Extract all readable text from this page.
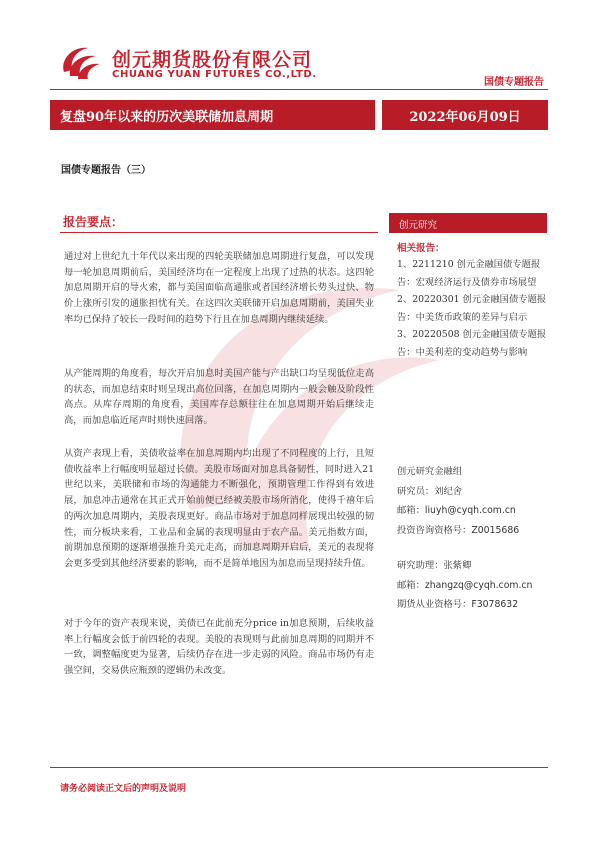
创元期货股份有限公司
CHUANG YUAN FUTURES CO.,LTD.
国债专题报告
复盘90年以来的历次美联储加息周期	2022年06月09日
国债专题报告（三）
报告要点：

通过对上世纪九十年代以来出现的四轮美联储加息周期进行复盘，可以发现每一轮加息周期前后，美国经济均在一定程度上出现了过热的状态。这四轮加息周期开启的导火索，都与美国面临高通胀或者国经济增长势头过快、物价上涨所引发的通胀担忧有关。在这四次美联储开启加息周期前，美国失业率均已保持了较长一段时间的趋势下行且在加息周期内继续延续。

从产能周期的角度看，每次开启加息时美国产能与产出缺口均呈现低位走高的状态，而加息结束时则呈现出高位回落，在加息周期内一般会触及阶段性高点。从库存周期的角度看，美国库存总额往往在加息周期开始后继续走高，而加息临近尾声时则快速回落。

从资产表现上看，美债收益率在加息周期内均出现了不同程度的上行，且短债收益率上行幅度明显超过长债。美股市场面对加息具备韧性，同时进入21世纪以来，美联储和市场的沟通能力不断强化，预期管理工作得到有效进展，加息冲击通常在其正式开始前便已经被美股市场所消化，使得千禧年后的两次加息周期内，美股表现更好。商品市场对于加息同样展现出较强的韧性，而分板块来看，工业品和金属的表现明显由于农产品。美元指数方面，前期加息预期的逐渐增强推升美元走高，而加息周期开启后，美元的表现将会更多受到其他经济要素的影响，而不是简单地因为加息而呈现持续升值。

对于今年的资产表现来说，美债已在此前充分price in加息预期，后续收益率上行幅度会低于前四轮的表现。美股的表现则与此前加息周期的同期并不一致，调整幅度更为显著，后续仍存在进一步走弱的风险。商品市场仍有走强空间，交易供应瓶颈的逻辑仍未改变。

创元研究
相关报告：
1、2211210 创元金融国债专题报告：宏观经济运行及债券市场展望
2、20220301 创元金融国债专题报告：中美货币政策的差异与启示
3、20220508 创元金融国债专题报告：中美利差的变动趋势与影响
创元研究金融组
研究员：刘纪舍
邮箱：liuyh@cyqh.com.cn
投资咨询资格号：Z0015686
研究助理：张紫卿
邮箱：zhangzq@cyqh.com.cn
期货从业资格号：F3078632
请务必阅读正文后的声明及说明
